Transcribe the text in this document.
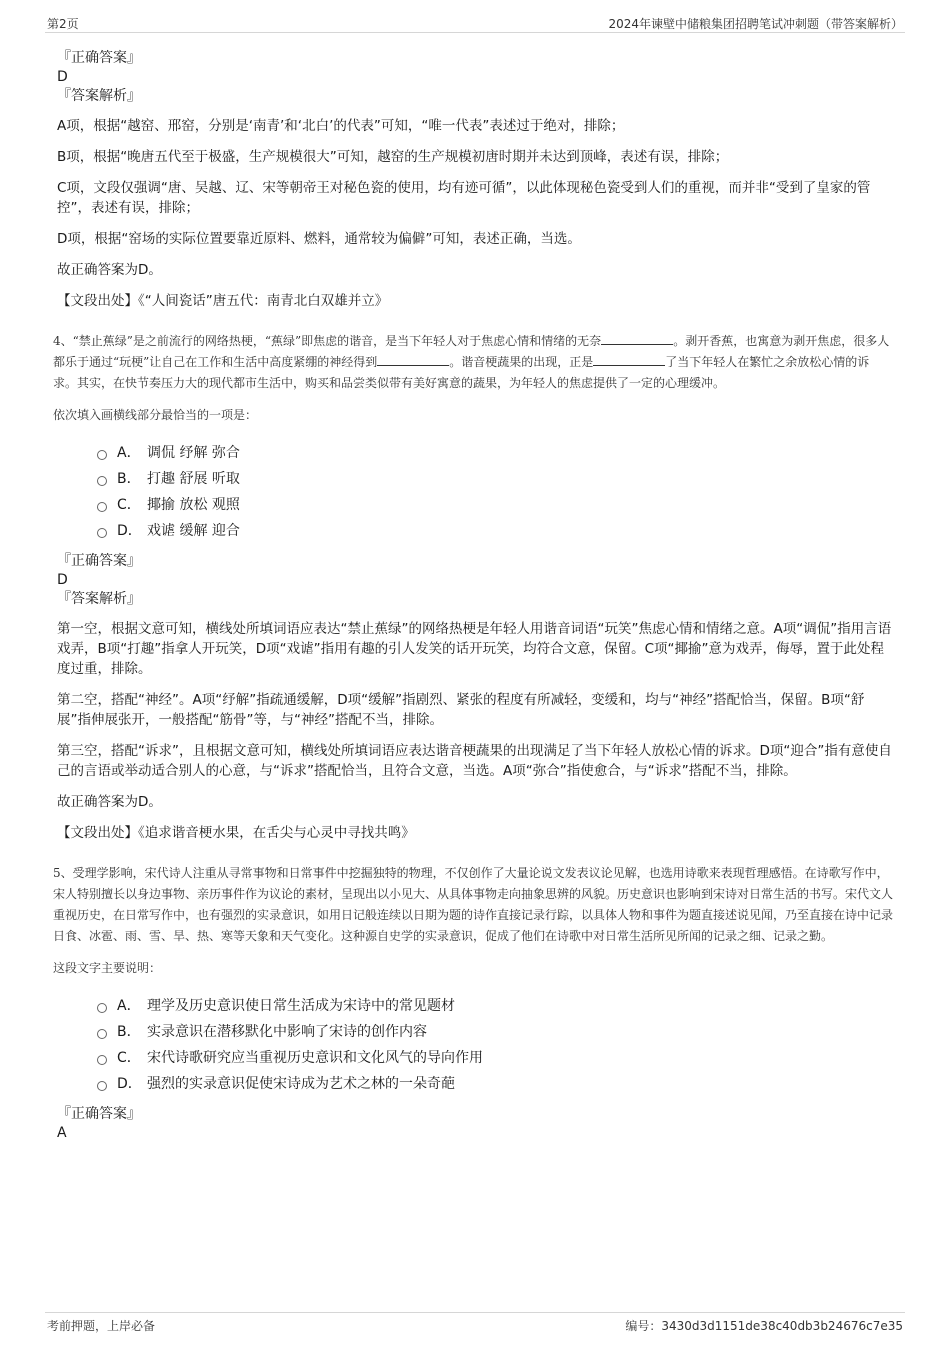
第2页	2024年谏壁中储粮集团招聘笔试冲刺题（带答案解析）

『正确答案』

D

『答案解析』

A项，根据“越窑、邢窑，分别是‘南青’和‘北白’的代表”可知，“唯一代表”表述过于绝对，排除；

B项，根据“晚唐五代至于极盛，生产规模很大”可知，越窑的生产规模初唐时期并未达到顶峰，表述有误，排除；

C项，文段仅强调“唐、吴越、辽、宋等朝帝王对秘色瓷的使用，均有迹可循”，以此体现秘色瓷受到人们的重视，而并非“受到了皇家的管控”，表述有误，排除；

D项，根据“窑场的实际位置要靠近原料、燃料，通常较为偏僻”可知，表述正确，当选。

故正确答案为D。

【文段出处】《“人间瓷话”唐五代：南青北白双雄并立》

4、“禁止蕉绿”是之前流行的网络热梗，“蕉绿”即焦虑的谐音，是当下年轻人对于焦虑心情和情绪的无奈	。剥开香蕉，也寓意为剥开焦虑，很多人都乐于通过“玩梗”让自己在工作和生活中高度紧绷的神经得到	。谐音梗蔬果的出现，正是	了当下年轻人在繁忙之余放松心情的诉求。其实，在快节奏压力大的现代都市生活中，购买和品尝类似带有美好寓意的蔬果，为年轻人的焦虑提供了一定的心理缓冲。

依次填入画横线部分最恰当的一项是：

A． 调侃 纾解 弥合
B． 打趣 舒展 听取
C． 揶揄 放松 观照
D． 戏谑 缓解 迎合

『正确答案』

D

『答案解析』

第一空，根据文意可知，横线处所填词语应表达“禁止蕉绿”的网络热梗是年轻人用谐音词语“玩笑”焦虑心情和情绪之意。A项“调侃”指用言语戏弄，B项“打趣”指拿人开玩笑，D项“戏谑”指用有趣的引人发笑的话开玩笑，均符合文意，保留。C项“揶揄”意为戏弄，侮辱，置于此处程度过重，排除。

第二空，搭配“神经”。A项“纾解”指疏通缓解，D项“缓解”指剧烈、紧张的程度有所减轻，变缓和，均与“神经”搭配恰当，保留。B项“舒展”指伸展张开，一般搭配“筋骨”等，与“神经”搭配不当，排除。

第三空，搭配“诉求”，且根据文意可知，横线处所填词语应表达谐音梗蔬果的出现满足了当下年轻人放松心情的诉求。D项“迎合”指有意使自己的言语或举动适合别人的心意，与“诉求”搭配恰当，且符合文意，当选。A项“弥合”指使愈合，与“诉求”搭配不当，排除。

故正确答案为D。

【文段出处】《追求谐音梗水果，在舌尖与心灵中寻找共鸣》

5、受理学影响，宋代诗人注重从寻常事物和日常事件中挖掘独特的物理，不仅创作了大量论说文发表议论见解，也选用诗歌来表现哲理感悟。在诗歌写作中，宋人特别擅长以身边事物、亲历事件作为议论的素材，呈现出以小见大、从具体事物走向抽象思辨的风貌。历史意识也影响到宋诗对日常生活的书写。宋代文人重视历史，在日常写作中，也有强烈的实录意识，如用日记般连续以日期为题的诗作直接记录行踪，以具体人物和事件为题直接述说见闻，乃至直接在诗中记录日食、冰雹、雨、雪、旱、热、寒等天象和天气变化。这种源自史学的实录意识，促成了他们在诗歌中对日常生活所见所闻的记录之细、记录之勤。

这段文字主要说明：

A． 理学及历史意识使日常生活成为宋诗中的常见题材
B． 实录意识在潜移默化中影响了宋诗的创作内容
C． 宋代诗歌研究应当重视历史意识和文化风气的导向作用
D． 强烈的实录意识促使宋诗成为艺术之林的一朵奇葩

『正确答案』

A

考前押题，上岸必备	编号：3430d3d1151de38c40db3b24676c7e35
